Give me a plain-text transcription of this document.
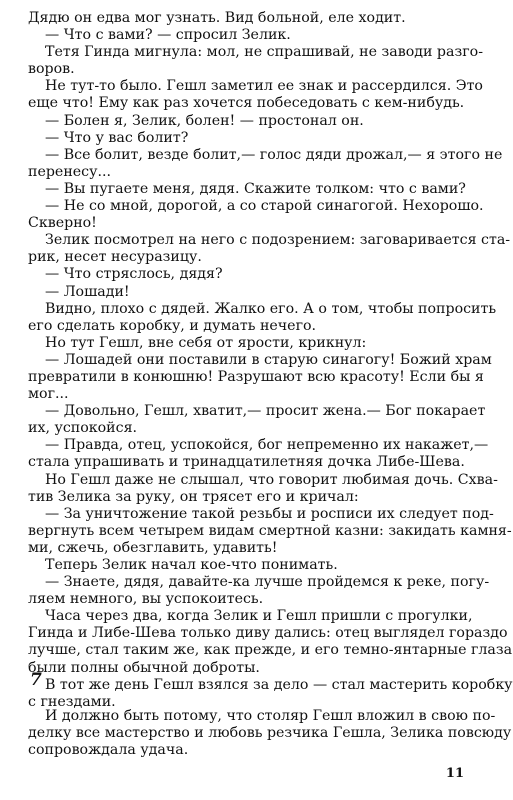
Дядю он едва мог узнать. Вид больной, еле ходит.
— Что с вами? — спросил Зелик.
Тетя Гинда мигнула: мол, не спрашивай, не заводи разго-
воров.
Не тут-то было. Гешл заметил ее знак и рассердился. Это
еще что! Ему как раз хочется побеседовать с кем-нибудь.
— Болен я, Зелик, болен! — простонал он.
— Что у вас болит?
— Все болит, везде болит,— голос дяди дрожал,— я этого не
перенесу...
— Вы пугаете меня, дядя. Скажите толком: что с вами?
— Не со мной, дорогой, а со старой синагогой. Нехорошо.
Скверно!
Зелик посмотрел на него с подозрением: заговаривается ста-
рик, несет несуразицу.
— Что стряслось, дядя?
— Лошади!
Видно, плохо с дядей. Жалко его. А о том, чтобы попросить
его сделать коробку, и думать нечего.
Но тут Гешл, вне себя от ярости, крикнул:
— Лошадей они поставили в старую синагогу! Божий храм
превратили в конюшню! Разрушают всю красоту! Если бы я
мог...
— Довольно, Гешл, хватит,— просит жена.— Бог покарает
их, успокойся.
— Правда, отец, успокойся, бог непременно их накажет,—
стала упрашивать и тринадцатилетняя дочка Либе-Шева.
Но Гешл даже не слышал, что говорит любимая дочь. Схва-
тив Зелика за руку, он трясет его и кричал:
— За уничтожение такой резьбы и росписи их следует под-
вергнуть всем четырем видам смертной казни: закидать камня-
ми, сжечь, обезглавить, удавить!
Теперь Зелик начал кое-что понимать.
— Знаете, дядя, давайте-ка лучше пройдемся к реке, погу-
ляем немного, вы успокоитесь.
Часа через два, когда Зелик и Гешл пришли с прогулки,
Гинда и Либе-Шева только диву дались: отец выглядел гораздо
лучше, стал таким же, как прежде, и его темно-янтарные глаза
были полны обычной доброты.
В тот же день Гешл взялся за дело — стал мастерить коробку
с гнездами.
7
И должно быть потому, что столяр Гешл вложил в свою по-
делку все мастерство и любовь резчика Гешла, Зелика повсюду
сопровождала удача.
11
